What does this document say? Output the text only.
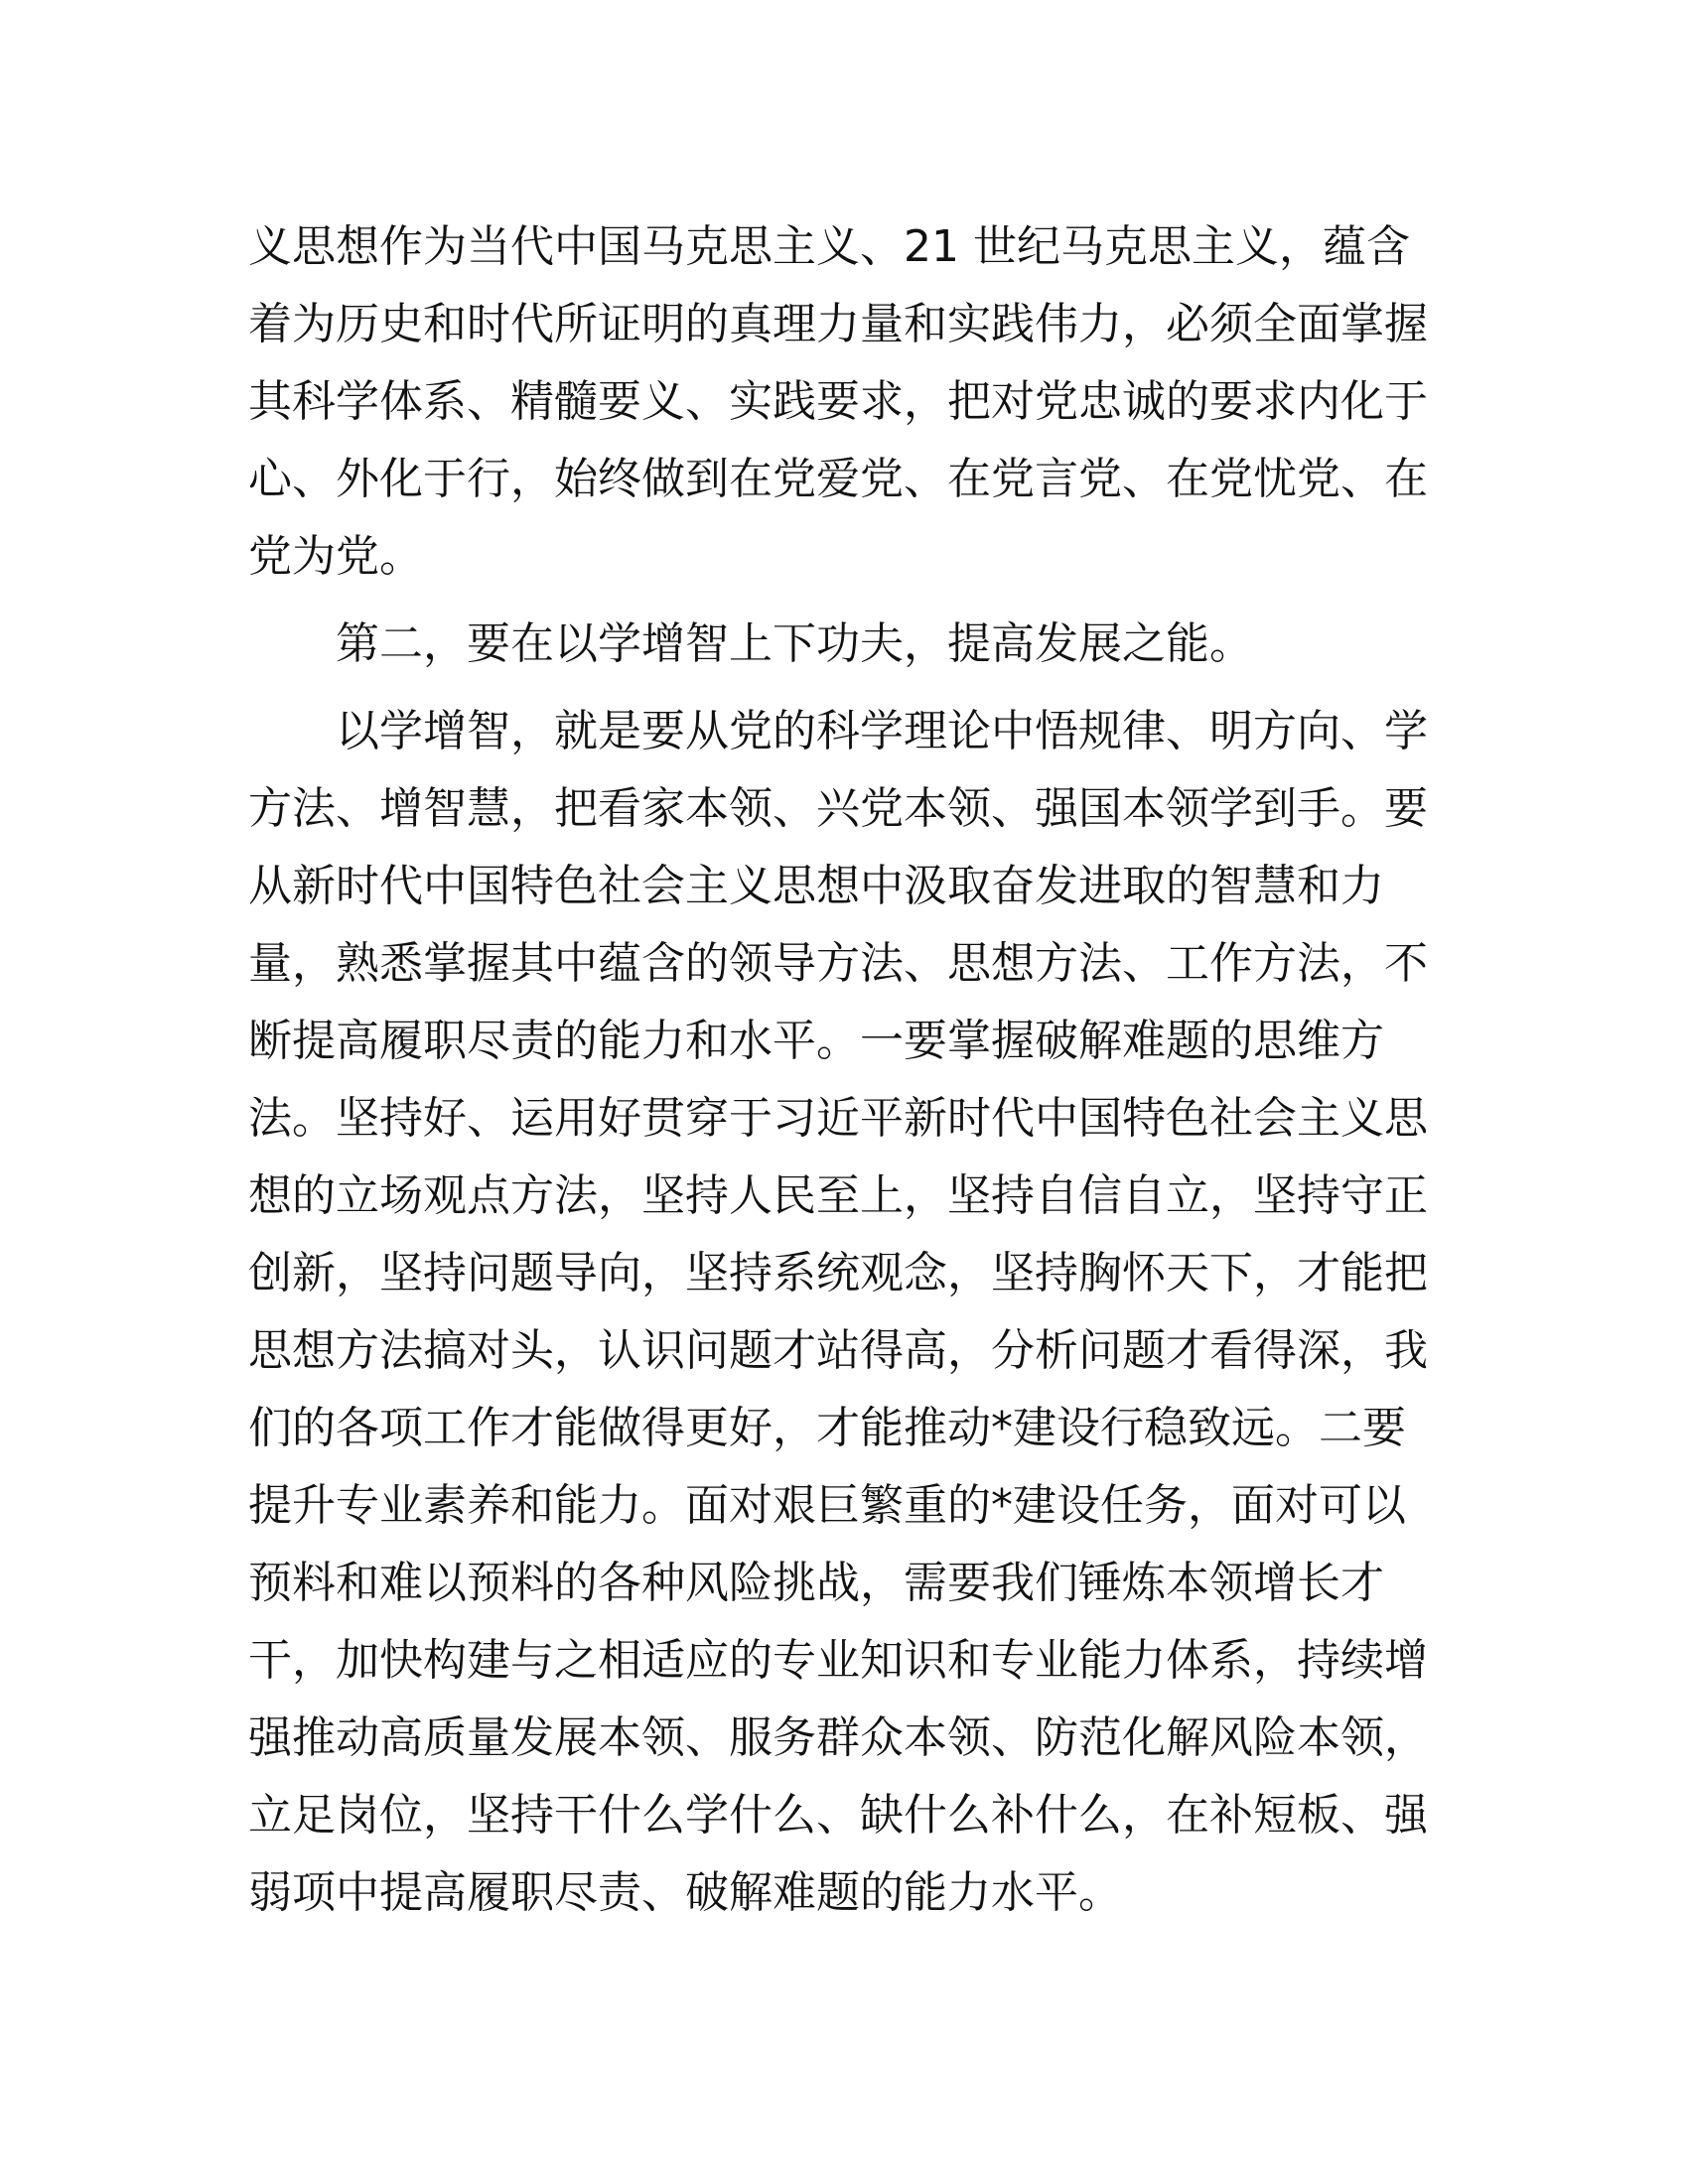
义思想作为当代中国马克思主义、21 世纪马克思主义，蕴含
着为历史和时代所证明的真理力量和实践伟力，必须全面掌握
其科学体系、精髓要义、实践要求，把对党忠诚的要求内化于
心、外化于行，始终做到在党爱党、在党言党、在党忧党、在
党为党。
第二，要在以学增智上下功夫，提高发展之能。
以学增智，就是要从党的科学理论中悟规律、明方向、学
方法、增智慧，把看家本领、兴党本领、强国本领学到手。要
从新时代中国特色社会主义思想中汲取奋发进取的智慧和力
量，熟悉掌握其中蕴含的领导方法、思想方法、工作方法，不
断提高履职尽责的能力和水平。一要掌握破解难题的思维方
法。坚持好、运用好贯穿于习近平新时代中国特色社会主义思
想的立场观点方法，坚持人民至上，坚持自信自立，坚持守正
创新，坚持问题导向，坚持系统观念，坚持胸怀天下，才能把
思想方法搞对头，认识问题才站得高，分析问题才看得深，我
们的各项工作才能做得更好，才能推动*建设行稳致远。二要
提升专业素养和能力。面对艰巨繁重的*建设任务，面对可以
预料和难以预料的各种风险挑战，需要我们锤炼本领增长才
干，加快构建与之相适应的专业知识和专业能力体系，持续增
强推动高质量发展本领、服务群众本领、防范化解风险本领，
立足岗位，坚持干什么学什么、缺什么补什么，在补短板、强
弱项中提高履职尽责、破解难题的能力水平。
